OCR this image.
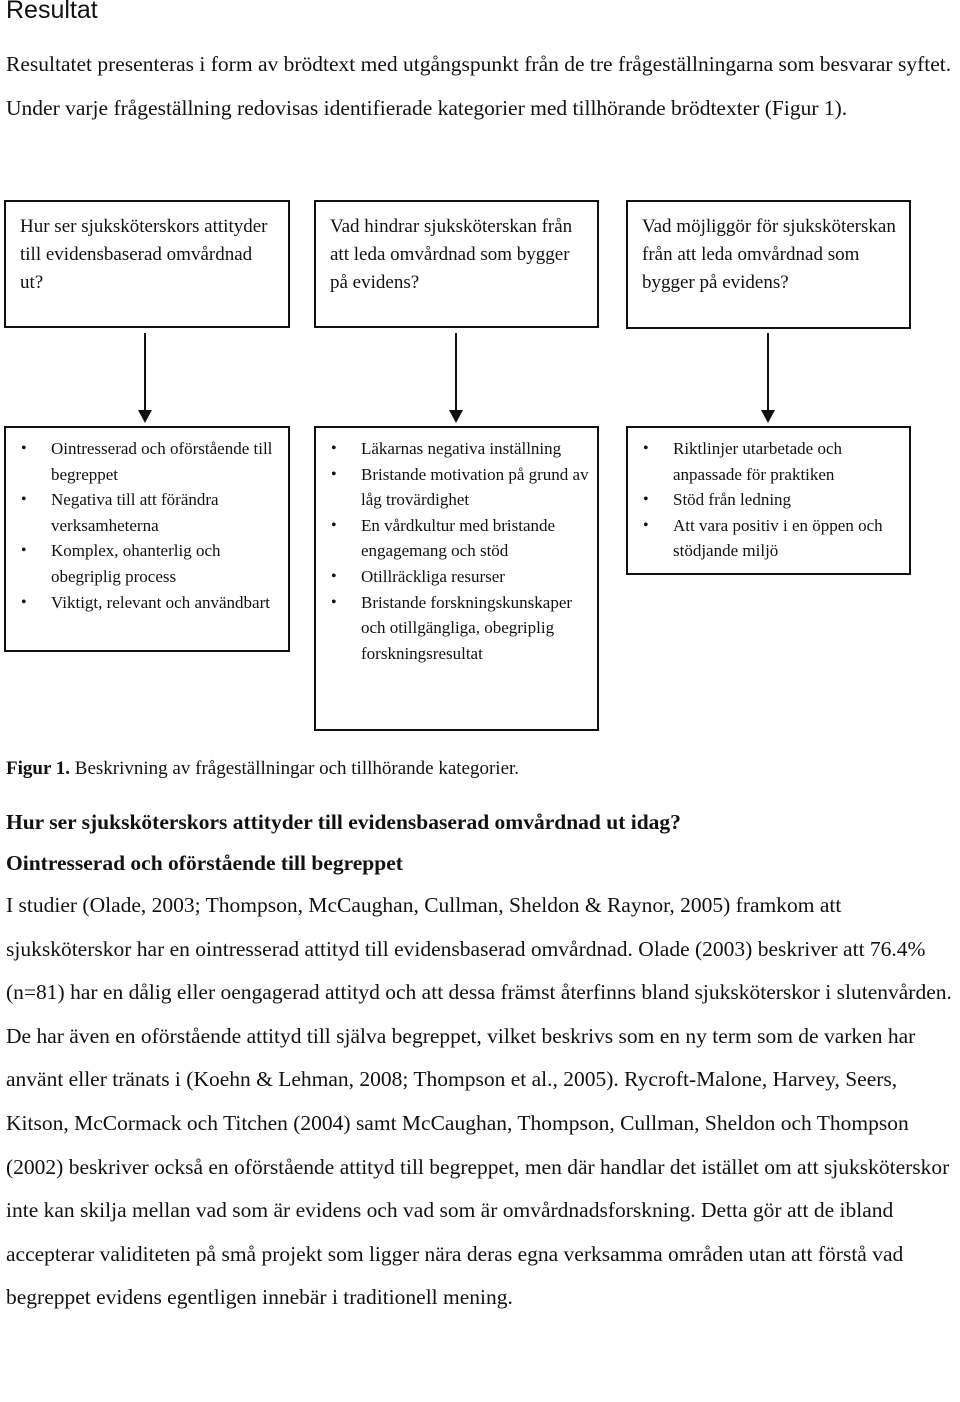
Resultat

Resultatet presenteras i form av brödtext med utgångspunkt från de tre frågeställningarna som besvarar syftet. Under varje frågeställning redovisas identifierade kategorier med tillhörande brödtexter (Figur 1).

Hur ser sjuksköterskors attityder till evidensbaserad omvårdnad ut?
Vad hindrar sjuksköterskan från att leda omvårdnad som bygger på evidens?
Vad möjliggör för sjuksköterskan från att leda omvårdnad som bygger på evidens?
• Ointresserad och oförstående till begreppet
• Negativa till att förändra verksamheterna
• Komplex, ohanterlig och obegriplig process
• Viktigt, relevant och användbart
• Läkarnas negativa inställning
• Bristande motivation på grund av låg trovärdighet
• En vårdkultur med bristande engagemang och stöd
• Otillräckliga resurser
• Bristande forskningskunskaper och otillgängliga, obegriplig forskningsresultat
• Riktlinjer utarbetade och anpassade för praktiken
• Stöd från ledning
• Att vara positiv i en öppen och stödjande miljö

Figur 1. Beskrivning av frågeställningar och tillhörande kategorier.

Hur ser sjuksköterskors attityder till evidensbaserad omvårdnad ut idag?
Ointresserad och oförstående till begreppet

I studier (Olade, 2003; Thompson, McCaughan, Cullman, Sheldon & Raynor, 2005) framkom att sjuksköterskor har en ointresserad attityd till evidensbaserad omvårdnad. Olade (2003) beskriver att 76.4% (n=81) har en dålig eller oengagerad attityd och att dessa främst återfinns bland sjuksköterskor i slutenvården. De har även en oförstående attityd till själva begreppet, vilket beskrivs som en ny term som de varken har använt eller tränats i (Koehn & Lehman, 2008; Thompson et al., 2005). Rycroft-Malone, Harvey, Seers, Kitson, McCormack och Titchen (2004) samt McCaughan, Thompson, Cullman, Sheldon och Thompson (2002) beskriver också en oförstående attityd till begreppet, men där handlar det istället om att sjuksköterskor inte kan skilja mellan vad som är evidens och vad som är omvårdnadsforskning. Detta gör att de ibland accepterar validiteten på små projekt som ligger nära deras egna verksamma områden utan att förstå vad begreppet evidens egentligen innebär i traditionell mening.
